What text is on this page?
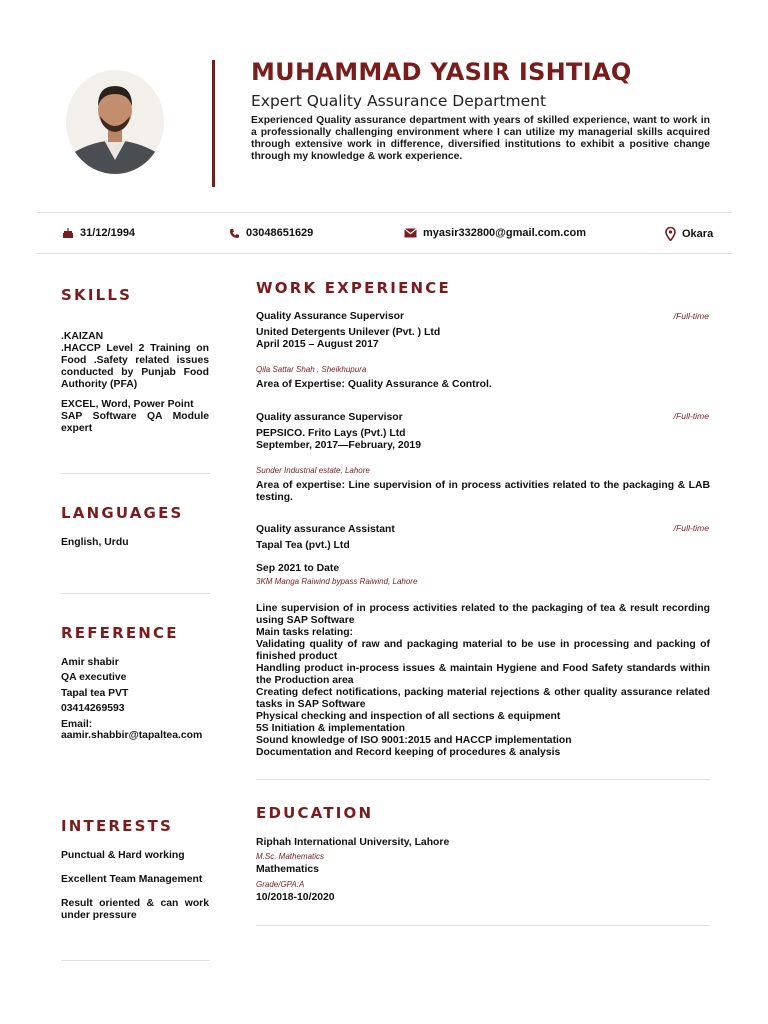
MUHAMMAD YASIR ISHTIAQ
Expert Quality Assurance Department
Experienced Quality assurance department with years of skilled experience, want to work in a professionally challenging environment where I can utilize my managerial skills acquired through extensive work in difference, diversified institutions to exhibit a positive change through my knowledge & work experience.
31/12/1994	03048651629	myasir332800@gmail.com.com	Okara
SKILLS
.KAIZAN
.HACCP Level 2 Training on Food .Safety related issues conducted by Punjab Food Authority (PFA)
EXCEL, Word, Power Point
SAP Software QA Module expert
LANGUAGES
English, Urdu
REFERENCE
Amir shabir
QA executive
Tapal tea PVT
03414269593
Email:
aamir.shabbir@tapaltea.com
INTERESTS
Punctual & Hard working
Excellent Team Management
Result oriented & can work under pressure
WORK EXPERIENCE
Quality Assurance Supervisor	/Full-time
United Detergents Unilever (Pvt. ) Ltd
April 2015 – August 2017
Qila Sattar Shah , Sheikhupura
Area of Expertise: Quality Assurance & Control.
Quality assurance Supervisor	/Full-time
PEPSICO. Frito Lays (Pvt.) Ltd
September, 2017—February, 2019
Sunder Industrial estate, Lahore
Area of expertise: Line supervision of in process activities related to the packaging & LAB testing.
Quality assurance Assistant	/Full-time
Tapal Tea (pvt.) Ltd
Sep 2021 to Date
3KM Manga Raiwind bypass Raiwind, Lahore
Line supervision of in process activities related to the packaging of tea & result recording using SAP Software
Main tasks relating:
Validating quality of raw and packaging material to be use in processing and packing of finished product
Handling product in-process issues & maintain Hygiene and Food Safety standards within the Production area
Creating defect notifications, packing material rejections & other quality assurance related tasks in SAP Software
Physical checking and inspection of all sections & equipment
5S Initiation & implementation
Sound knowledge of ISO 9001:2015 and HACCP implementation
Documentation and Record keeping of procedures & analysis
EDUCATION
Riphah International University, Lahore
M.Sc. Mathematics
Mathematics
Grade/GPA:A
10/2018-10/2020
